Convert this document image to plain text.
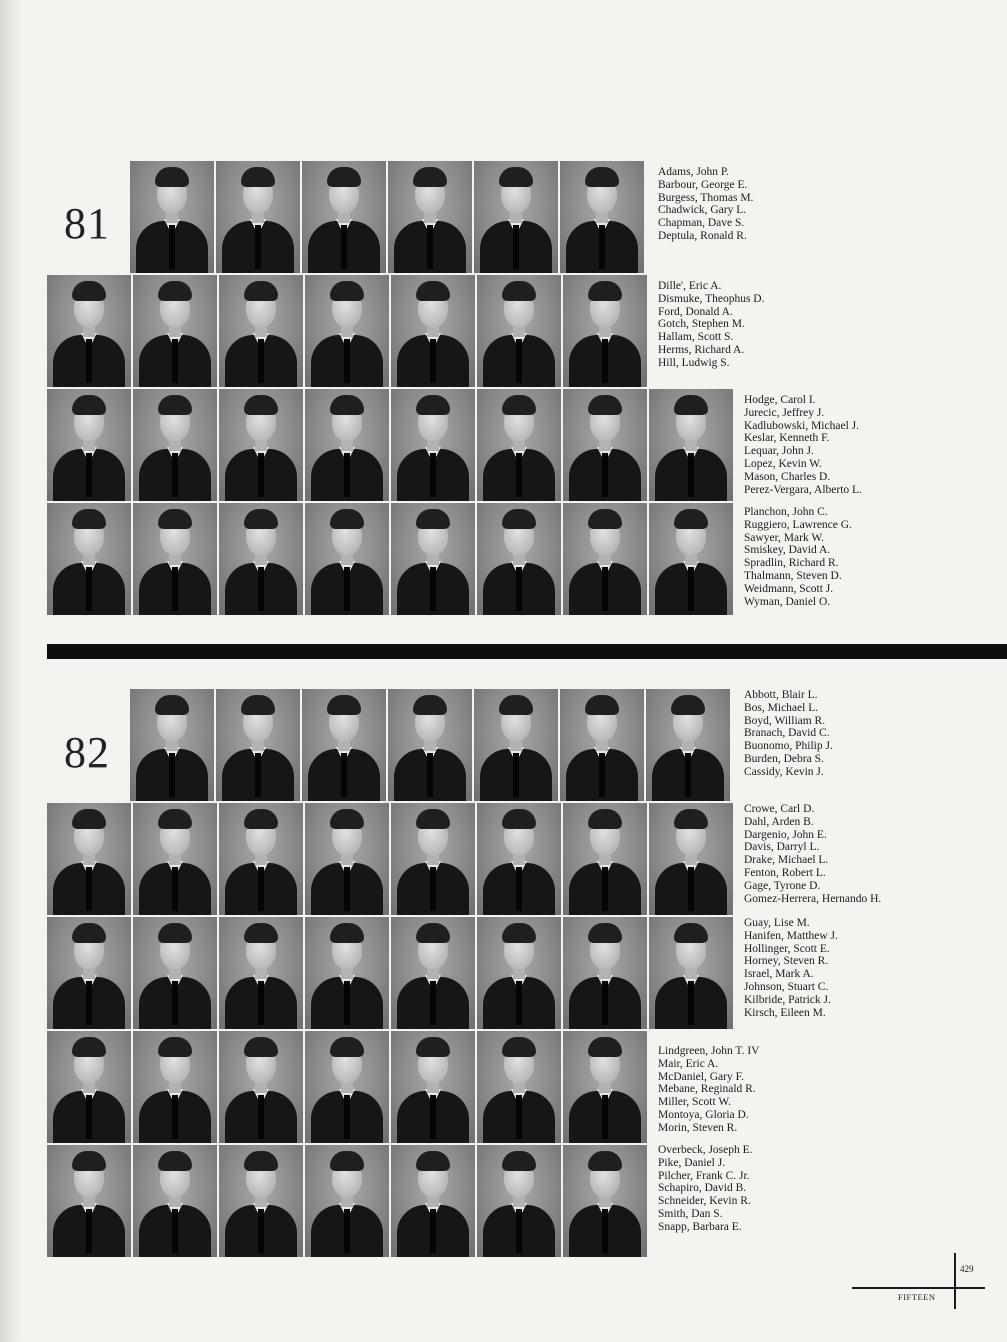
81
Adams, John P.
Barbour, George E.
Burgess, Thomas M.
Chadwick, Gary L.
Chapman, Dave S.
Deptula, Ronald R.
Dille', Eric A.
Dismuke, Theophus D.
Ford, Donald A.
Gotch, Stephen M.
Hallam, Scott S.
Herms, Richard A.
Hill, Ludwig S.
Hodge, Carol I.
Jurecic, Jeffrey J.
Kadlubowski, Michael J.
Keslar, Kenneth F.
Lequar, John J.
Lopez, Kevin W.
Mason, Charles D.
Perez-Vergara, Alberto L.
Planchon, John C.
Ruggiero, Lawrence G.
Sawyer, Mark W.
Smiskey, David A.
Spradlin, Richard R.
Thalmann, Steven D.
Weidmann, Scott J.
Wyman, Daniel O.
82
Abbott, Blair L.
Bos, Michael L.
Boyd, William R.
Branach, David C.
Buonomo, Philip J.
Burden, Debra S.
Cassidy, Kevin J.
Crowe, Carl D.
Dahl, Arden B.
Dargenio, John E.
Davis, Darryl L.
Drake, Michael L.
Fenton, Robert L.
Gage, Tyrone D.
Gomez-Herrera, Hernando H.
Guay, Lise M.
Hanifen, Matthew J.
Hollinger, Scott E.
Horney, Steven R.
Israel, Mark A.
Johnson, Stuart C.
Kilbride, Patrick J.
Kirsch, Eileen M.
Lindgreen, John T. IV
Mair, Eric A.
McDaniel, Gary F.
Mebane, Reginald R.
Miller, Scott W.
Montoya, Gloria D.
Morin, Steven R.
Overbeck, Joseph E.
Pike, Daniel J.
Pilcher, Frank C. Jr.
Schapiro, David B.
Schneider, Kevin R.
Smith, Dan S.
Snapp, Barbara E.
429
FIFTEEN
